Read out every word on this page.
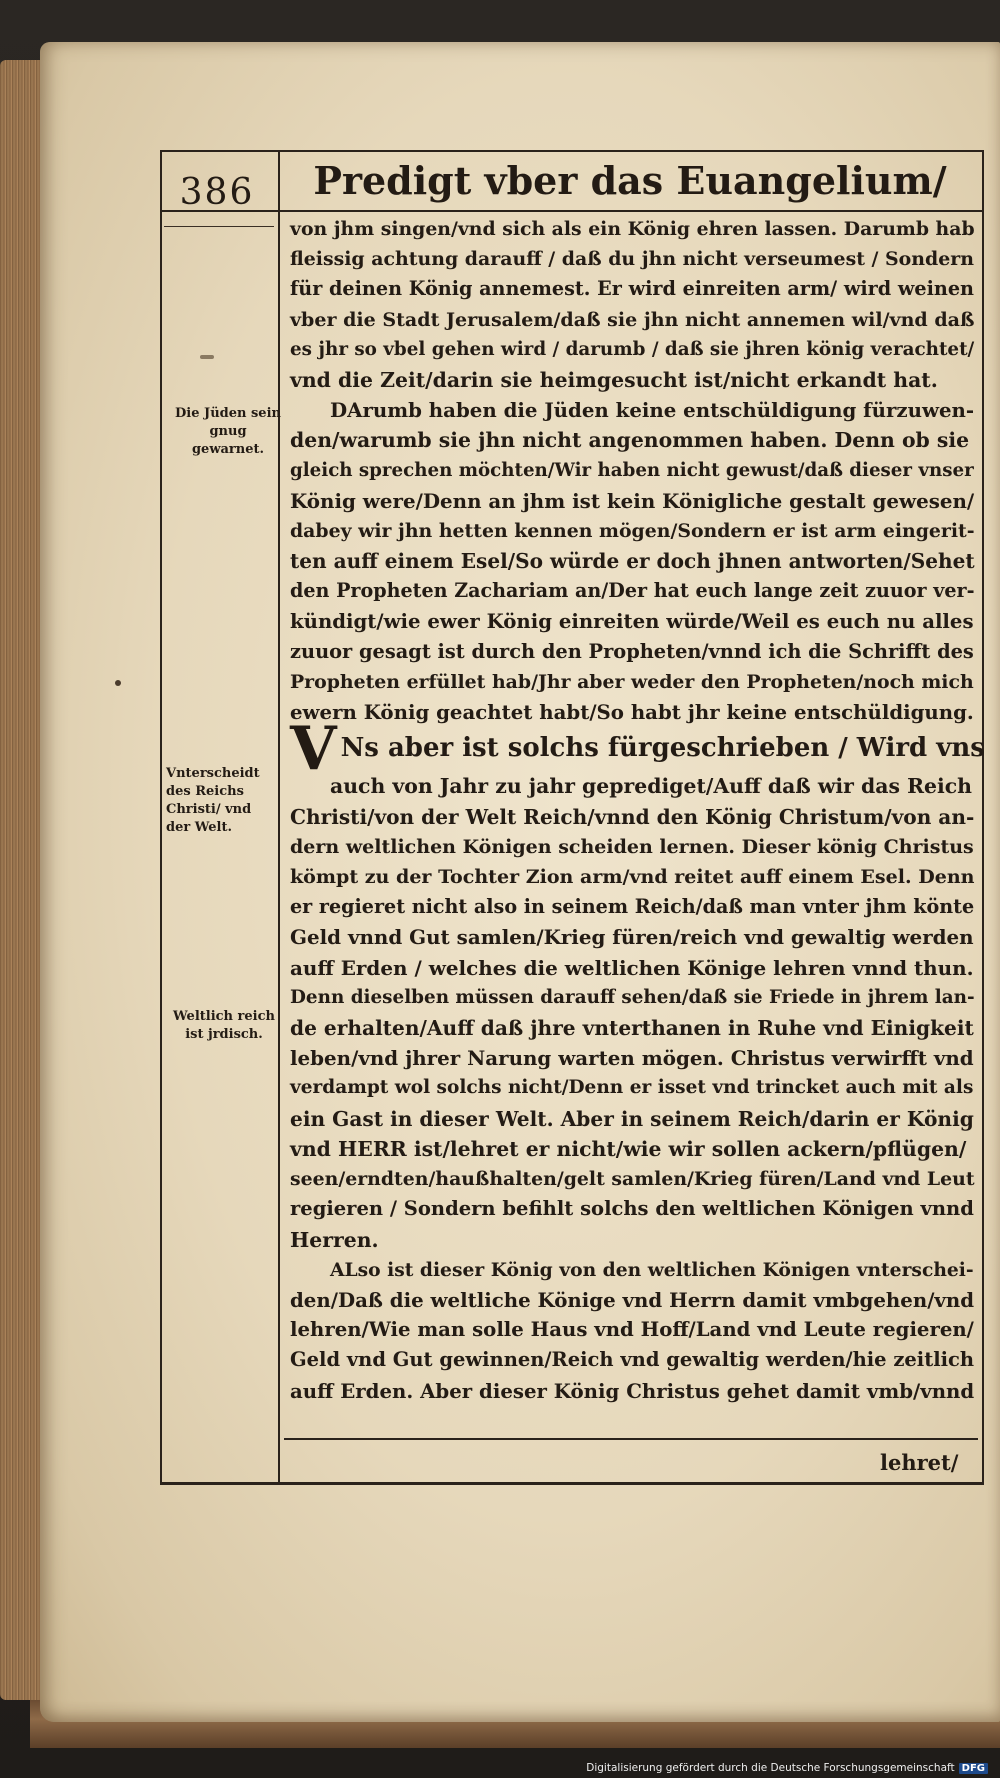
386	Predigt vber das Euangelium/
Die Jüden sein gnug gewarnet.
Vnterscheidt des Reichs Christi/ vnd der Welt.
Weltlich reich ist jrdisch.
von jhm singen/vnd sich als ein König ehren lassen. Darumb hab
fleissig achtung darauff / daß du jhn nicht verseumest / Sondern
für deinen König annemest. Er wird einreiten arm/ wird weinen
vber die Stadt Jerusalem/daß sie jhn nicht annemen wil/vnd daß
es jhr so vbel gehen wird / darumb / daß sie jhren könig verachtet/
vnd die Zeit/darin sie heimgesucht ist/nicht erkandt hat.
DArumb haben die Jüden keine entschüldigung fürzuwen-
den/warumb sie jhn nicht angenommen haben. Denn ob sie
gleich sprechen möchten/Wir haben nicht gewust/daß dieser vnser
König were/Denn an jhm ist kein Königliche gestalt gewesen/
dabey wir jhn hetten kennen mögen/Sondern er ist arm eingerit-
ten auff einem Esel/So würde er doch jhnen antworten/Sehet
den Propheten Zachariam an/Der hat euch lange zeit zuuor ver-
kündigt/wie ewer König einreiten würde/Weil es euch nu alles
zuuor gesagt ist durch den Propheten/vnnd ich die Schrifft des
Propheten erfüllet hab/Jhr aber weder den Propheten/noch mich
ewern König geachtet habt/So habt jhr keine entschüldigung.
V Ns aber ist solchs fürgeschrieben / Wird vns
auch von Jahr zu jahr geprediget/Auff daß wir das Reich
Christi/von der Welt Reich/vnnd den König Christum/von an-
dern weltlichen Königen scheiden lernen. Dieser könig Christus
kömpt zu der Tochter Zion arm/vnd reitet auff einem Esel. Denn
er regieret nicht also in seinem Reich/daß man vnter jhm könte
Geld vnnd Gut samlen/Krieg füren/reich vnd gewaltig werden
auff Erden / welches die weltlichen Könige lehren vnnd thun.
Denn dieselben müssen darauff sehen/daß sie Friede in jhrem lan-
de erhalten/Auff daß jhre vnterthanen in Ruhe vnd Einigkeit
leben/vnd jhrer Narung warten mögen. Christus verwirfft vnd
verdampt wol solchs nicht/Denn er isset vnd trincket auch mit als
ein Gast in dieser Welt. Aber in seinem Reich/darin er König
vnd HERR ist/lehret er nicht/wie wir sollen ackern/pflügen/
seen/erndten/haußhalten/gelt samlen/Krieg füren/Land vnd Leut
regieren / Sondern befihlt solchs den weltlichen Königen vnnd
Herren.
ALso ist dieser König von den weltlichen Königen vnterschei-
den/Daß die weltliche Könige vnd Herrn damit vmbgehen/vnd
lehren/Wie man solle Haus vnd Hoff/Land vnd Leute regieren/
Geld vnd Gut gewinnen/Reich vnd gewaltig werden/hie zeitlich
auff Erden. Aber dieser König Christus gehet damit vmb/vnnd
lehret/
Digitalisierung gefördert durch die Deutsche Forschungsgemeinschaft DFG
